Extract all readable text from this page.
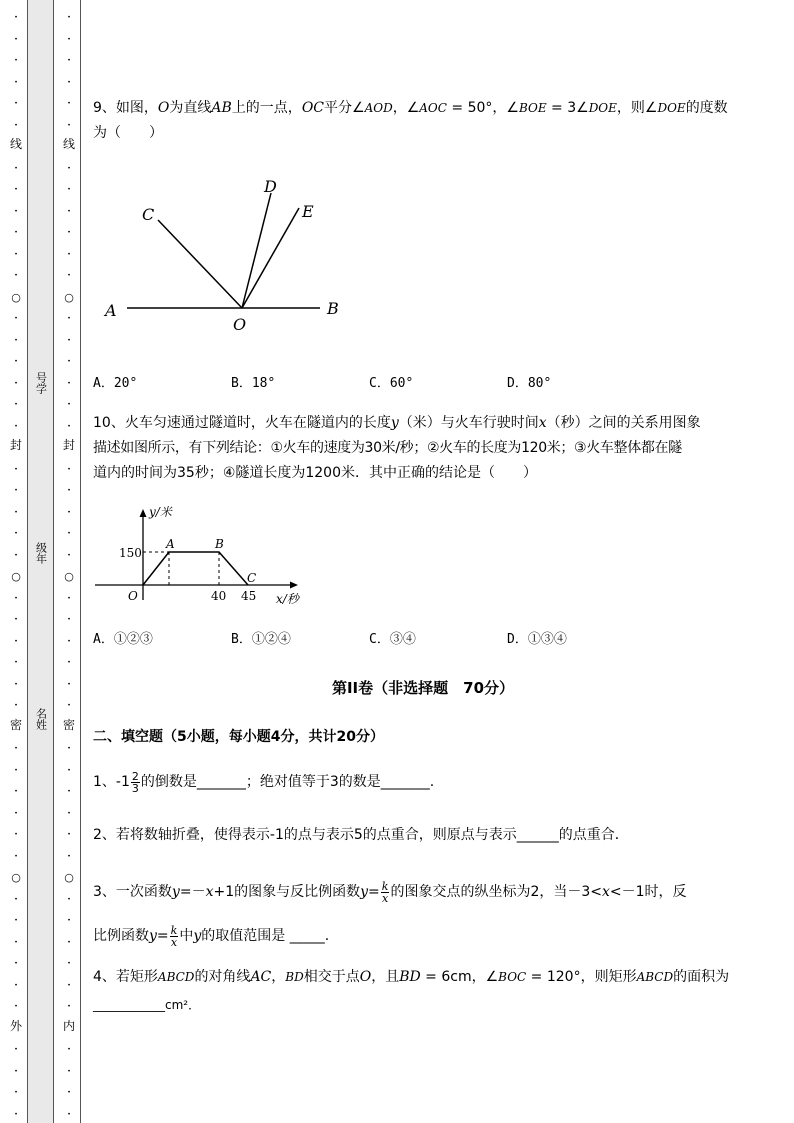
•
•
•
•
•
•
线
•
•
•
•
•
•
○
•
•
•
•
•
•
封
•
•
•
•
•
○
•
•
•
•
•
•
密
•
•
•
•
•
•
○
•
•
•
•
•
•
外
•
•
•
•
号学
级年
名姓
•
•
•
•
•
•
线
•
•
•
•
•
•
○
•
•
•
•
•
•
封
•
•
•
•
•
○
•
•
•
•
•
•
密
•
•
•
•
•
•
○
•
•
•
•
•
•
内
•
•
•
•
9、如图，O为直线AB上的一点，OC平分∠AOD，∠AOC = 50°，∠BOE = 3∠DOE，则∠DOE的度数
为（　　）
A	B
C
D
E
O
A．20°	B．18°	C．60°	D．80°
10、火车匀速通过隧道时，火车在隧道内的长度y（米）与火车行驶时间x（秒）之间的关系用图象
描述如图所示，有下列结论：①火车的速度为30米/秒；②火车的长度为120米；③火车整体都在隧
道内的时间为35秒；④隧道长度为1200米．其中正确的结论是（　　）
y/米
x/秒
O
150
40 45
A	B
C
A．①②③	B．①②④	C．③④	D．①③④
第II卷（非选择题　70分）
二、填空题（5小题，每小题4分，共计20分）
1、$-1 \frac{2}{3}$ 的倒数是_______；绝对值等于3的数是_______.
2、若将数轴折叠，使得表示-1的点与表示5的点重合，则原点与表示______的点重合．
3、一次函数y=－x+1的图象与反比例函数$y= \frac{k}{x}$ 的图象交点的纵坐标为2，当－3<x<－1时，反
比例函数$y= \frac{k}{x}$ 中y的取值范围是 _____.
4、若矩形ABCD的对角线AC，BD相交于点O，且BD = 6cm，∠BOC = 120°，则矩形ABCD的面积为
____________cm²．
